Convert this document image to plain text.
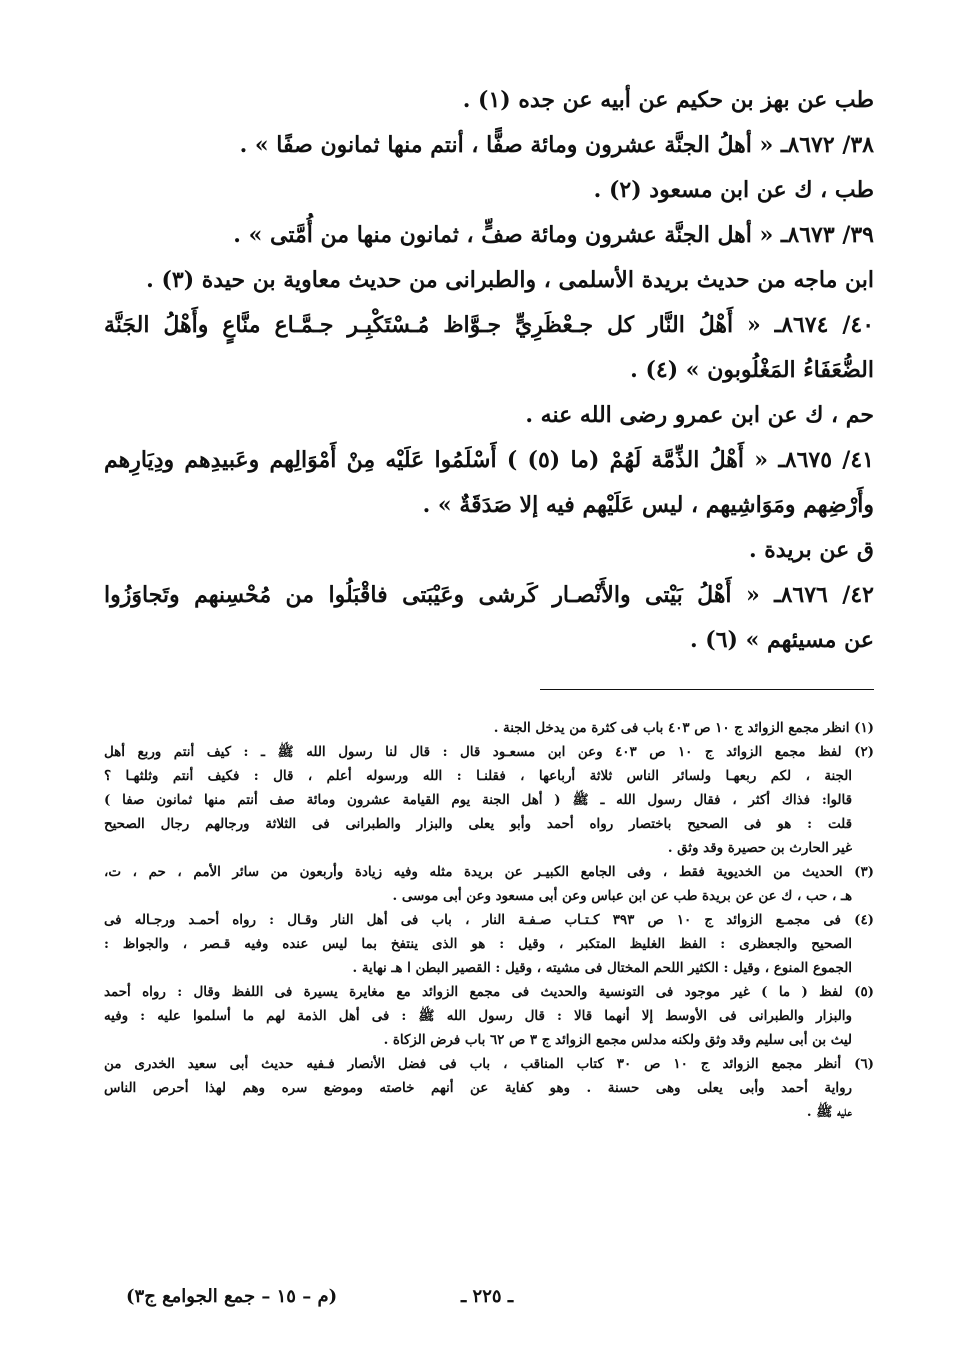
طب عن بهز بن حكيم عن أبيه عن جده (١) .
٣٨/ ٨٦٧٢ـ « أهلُ الجنَّة عشرون ومائة صفًّا ، أنتم منها ثمانون صفًا » .
طب ، ك عن ابن مسعود (٢) .
٣٩/ ٨٦٧٣ـ « أهل الجنَّة عشرون ومائة صفٍّ ، ثمانون منها من أُمَّتى » .
ابن ماجه من حديث بريدة الأسلمى ، والطبرانى من حديث معاوية بن حيدة (٣) .
٤٠/ ٨٦٧٤ـ « أَهْلُ النَّار كل جـعْظَرِيٍّ جـوَّاظ مُـسْتَكْبِـر جـمَّـاع منَّاعٍ وأَهْلُ الجَنَّة
الضُّعَفَاءُ المَغْلُوبون » (٤) .
حم ، ك عن ابن عمرو رضى الله عنه .
٤١/ ٨٦٧٥ـ « أَهْلُ الذِّمَّة لَهُمْ (ما (٥) ) أَسْلَمُوا عَلَيْه مِنْ أَمْوَالِهم وعَبيدِهم ودِيَارِهم
وأَرْضِهم ومَوَاشِيهم ، ليس عَلَيْهم فيه إلا صَدَقَةٌ » .
ق عن بريدة .
٤٢/ ٨٦٧٦ـ « أَهْلُ بَيْتى والأَنْصـار كَرشى وعَيْبَتى فاقْبَلُوا من مُحْسِنهم وتَجاوَزُوا
عن مسيئهم » (٦) .
(١) انظر مجمع الزوائد ج ١٠ ص ٤٠٣ باب فى كثرة من يدخل الجنة .
(٢) لفظ مجمع الزوائد ج ١٠ ص ٤٠٣ وعن ابن مسعـود قال : قال لنا رسول الله ﷺ ـ : كيف أنتم وربع أهل
الجنة ، لكم ربعهـا ولسائر الناس ثلاثة أرباعها ، فقلنـا : الله ورسوله أعلم ، قال : فكيف أنتم وثلثهـا ؟
قالوا: فذاك أكثر ، فقال رسول الله ـ ﷺ ( أهل الجنة يوم القيامة عشرون ومائة صف أنتم منها ثمانون صفا )
قلت : هو فى الصحيح باختصار رواه أحمد وأبو يعلى والبزار والطبرانى فى الثلاثة ورجالهم رجال الصحيح
غير الحارث بن حصيرة وقد وثق .
(٣) الحديث من الخديوية فقط ، وفى الجامع الكبيـر عن بريدة مثله وفيه زيادة وأربعون من سائر الأمم ، حم ، ت،
هـ ، حب ، ك عن عن بريدة طب عن ابن عباس وعن أبى مسعود وعن أبى موسى .
(٤) فى مجمـع الزوائد ج ١٠ ص ٣٩٣ كـتـاب صـفـة النار ، باب فى أهل النار وقـال : رواه أحمـد ورجـاله فى
الصحيح والجعظرى : الفظ الغليظ المتكبر ، وقيل : هو الذى ينتفخ بما ليس عنده وفيه قـصر ، والجواظ :
الجموع المنوع ، وقيل : الكثير اللحم المختال فى مشيته ، وقيل : القصير البطن ا هـ نهاية .
(٥) لفظ ( ما ) غير موجود فى التونسية والحديث فى مجمع الزوائد مع مغايرة يسيرة فى اللفظ وقال : رواه أحمد
والبزار والطبرانى فى الأوسط إلا أنهما قالا : قال رسول الله ﷺ : فى أهل الذمة لهم ما أسلموا عليه : وفيه
ليث بن أبى سليم وقد وثق ولكنه مدلس مجمع الزوائد ج ٣ ص ٦٢ باب فرض الزكاة .
(٦) أنظر مجمع الزوائد ج ١٠ ص ٣٠ كتاب المناقب ، باب فى فضل الأنصار فـفيه حديث أبى سعيد الخدرى من
رواية أحمد وأبى يعلى وهى حسنة . وهو كفاية عن أنهم خاصته وموضع سره وهم لهذا أحرص الناس
عليه ﷺ .
ـ ٢٢٥ ـ
(م – ١٥ – جمع الجوامع ج٣)
